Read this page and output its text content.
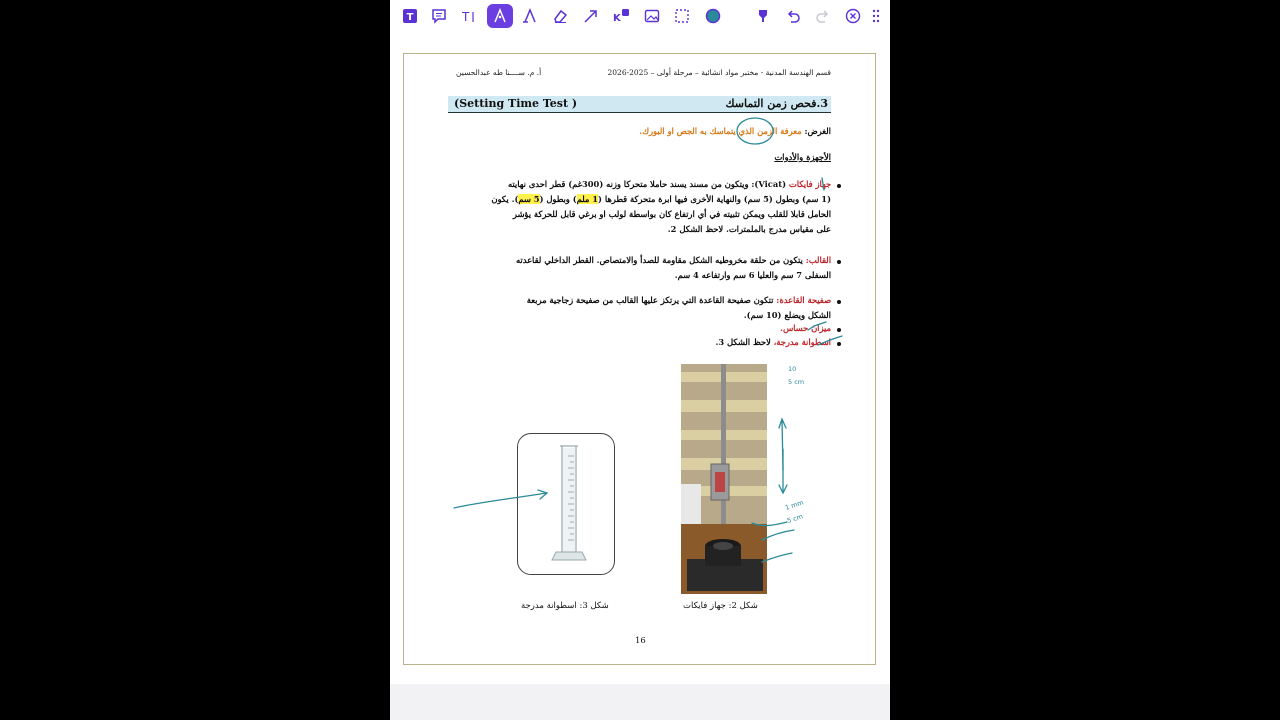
T	T	K
قسم الهندسة المدنية - مختبر مواد انشائية – مرحلة أولى – 2025-2026
أ. م. ســــنا طه عبدالحسين
3.فحص زمن التماسك
(Setting Time Test )
الغرض: معرفة الزمن الذي يتماسك به الجص او البورك.
الأجهزة والأدوات
جهاز فايكات (Vicat): ويتكون من مسند يسند حاملا متحركا وزنه (300غم) قطر احدى نهايته
(1 سم) وبطول (5 سم) والنهاية الأخرى فيها ابرة متحركة قطرها (1 ملم) وبطول (5 سم). يكون
الحامل قابلا للقلب ويمكن تثبيته في أي ارتفاع كان بواسطة لولب او برغي قابل للحركة يؤشر
على مقياس مدرج بالملمترات. لاحظ الشكل 2.
القالب: يتكون من حلقة مخروطيه الشكل مقاومة للصدأ والامتصاص. القطر الداخلي لقاعدته
السفلى 7 سم والعليا 6 سم وارتفاعه 4 سم.
صفيحة القاعدة: تتكون صفيحة القاعدة التي يرتكز عليها القالب من صفيحة زجاجية مربعة
الشكل ويضلع (10 سم).
ميزان حساس.
اسطوانة مدرجة، لاحظ الشكل 3.
شكل 3: اسطوانة مدرجة	شكل 2: جهاز فايكات
16
10
5 cm
1 mm
5 cm
